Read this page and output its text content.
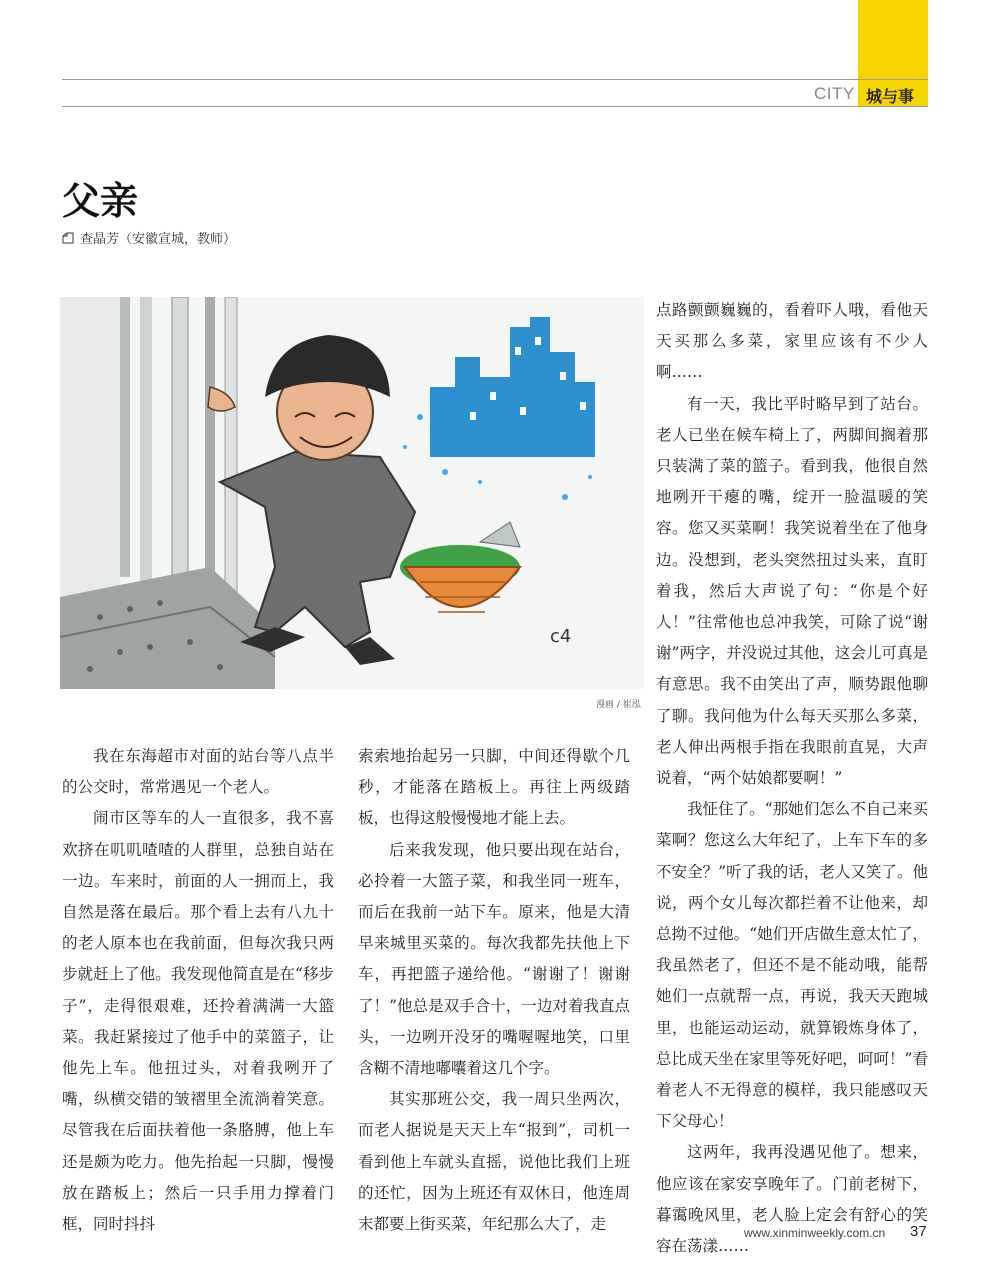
CITY 城与事
父亲
查晶芳（安徽宣城，教师）
c4
漫画 / 崔泓

我在东海超市对面的站台等八点半的公交时，常常遇见一个老人。

闹市区等车的人一直很多，我不喜欢挤在叽叽喳喳的人群里，总独自站在一边。车来时，前面的人一拥而上，我自然是落在最后。那个看上去有八九十的老人原本也在我前面，但每次我只两步就赶上了他。我发现他简直是在“移步子”，走得很艰难，还拎着满满一大篮菜。我赶紧接过了他手中的菜篮子，让他先上车。他扭过头，对着我咧开了嘴，纵横交错的皱褶里全流淌着笑意。尽管我在后面扶着他一条胳膊，他上车还是颇为吃力。他先抬起一只脚，慢慢放在踏板上；然后一只手用力撑着门框，同时抖抖

索索地抬起另一只脚，中间还得歇个几秒，才能落在踏板上。再往上两级踏板，也得这般慢慢地才能上去。

后来我发现，他只要出现在站台，必拎着一大篮子菜，和我坐同一班车，而后在我前一站下车。原来，他是大清早来城里买菜的。每次我都先扶他上下车，再把篮子递给他。“谢谢了！谢谢了！”他总是双手合十，一边对着我直点头，一边咧开没牙的嘴喔喔地笑，口里含糊不清地嘟囔着这几个字。

其实那班公交，我一周只坐两次，而老人据说是天天上车“报到”，司机一看到他上车就头直摇，说他比我们上班的还忙，因为上班还有双休日，他连周末都要上街买菜，年纪那么大了，走

点路颤颤巍巍的，看着吓人哦，看他天天买那么多菜，家里应该有不少人啊……

有一天，我比平时略早到了站台。老人已坐在候车椅上了，两脚间搁着那只装满了菜的篮子。看到我，他很自然地咧开干瘪的嘴，绽开一脸温暖的笑容。您又买菜啊！我笑说着坐在了他身边。没想到，老头突然扭过头来，直盯着我，然后大声说了句：“你是个好人！”往常他也总冲我笑，可除了说“谢谢”两字，并没说过其他，这会儿可真是有意思。我不由笑出了声，顺势跟他聊了聊。我问他为什么每天买那么多菜，老人伸出两根手指在我眼前直晃，大声说着，“两个姑娘都要啊！”

我怔住了。“那她们怎么不自己来买菜啊？您这么大年纪了，上车下车的多不安全？”听了我的话，老人又笑了。他说，两个女儿每次都拦着不让他来，却总拗不过他。“她们开店做生意太忙了，我虽然老了，但还不是不能动哦，能帮她们一点就帮一点，再说，我天天跑城里，也能运动运动，就算锻炼身体了，总比成天坐在家里等死好吧，呵呵！”看着老人不无得意的模样，我只能感叹天下父母心！

这两年，我再没遇见他了。想来，他应该在家安享晚年了。门前老树下，暮霭晚风里，老人脸上定会有舒心的笑容在荡漾……

www.xinminweekly.com.cn 37
